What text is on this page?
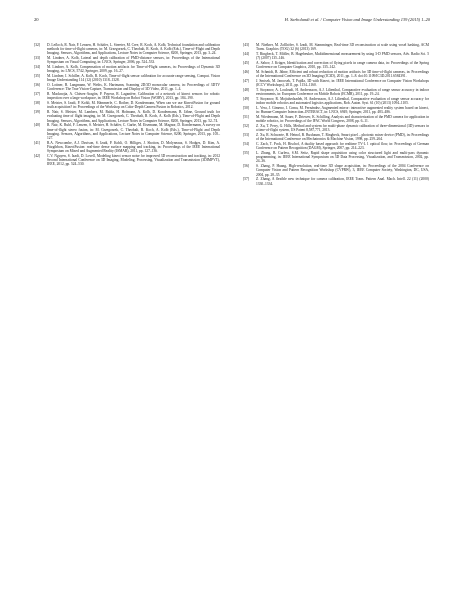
20	H. Sarbolandi et al. / Computer Vision and Image Understanding 139 (2015) 1–20
[32] D. Lefloch, R. Nair, F. Lenzen, H. Schäfer, L. Streeter, M. Cree, R. Koch, A. Kolb, Technical foundation and calibration methods for time-of-flight cameras, in: M. Grzegorzek, C. Theobalt, R. Koch, A. Kolb (Eds.), Time-of-Flight and Depth Imaging. Sensors, Algorithms, and Applications, Lecture Notes in Computer Science, 8200, Springer, 2013, pp. 3–24.
[33] M. Lindner, A. Kolb, Lateral and depth calibration of PMD-distance sensors, in: Proceedings of the International Symposium on Visual Computing, in: LNCS, Springer, 2006, pp. 524–533.
[34] M. Lindner, A. Kolb, Compensation of motion artifacts for Time-of-Flight cameras, in: Proceedings of Dynamic 3D Imaging, in: LNCS, 5742, Springer, 2009, pp. 16–27.
[35] M. Lindner, I. Schiller, A. Kolb, R. Koch, Time-of-flight sensor calibration for accurate range sensing, Comput. Vision Image Understanding 114 (12) (2010) 1318–1328.
[36] O. Lottner, B. Langmann, W. Weihs, K. Hartmann, Scanning 2D/3D monocular camera, in: Proceedings of 3DTV Conference: The True Vision-Capture, Transmission and Display of 3D Video, 2011, pp. 1–4.
[37] R. Macknojia, A. Chávez-Aragón, P. Payeur, R. Laganière, Calibration of a network of kinect sensors for robotic inspection over a large workspace, in: IEEE Workshop on Robot Vision (WORV), 2013, pp. 184–190.
[38] S. Meister, S. Izadi, P. Kohli, M. Hämmerle, C. Rother, D. Kondermann, When can we use KinectFusion for ground truth acquisition? in: Proceedings of the Workshop on Color-Depth Camera Fusion in Robotics, 2012.
[39] R. Nair, S. Meister, M. Lambers, M. Balda, H. Hofmann, A. Kolb, D. Kondermann, B. Jähne, Ground truth for evaluating time of flight imaging, in: M. Grzegorzek, C. Theobalt, R. Koch, A. Kolb (Eds.), Time-of-Flight and Depth Imaging. Sensors, Algorithms, and Applications, Lecture Notes in Computer Science, 8200, Springer, 2013, pp. 52–74.
[40] R. Nair, K. Ruhl, F. Lenzen, S. Meister, H. Schäfer, C. Garbe, M. Eisemann, M. Magnor, D. Kondermann, A survey on time-of-flight stereo fusion, in: M. Grzegorzek, C. Theobalt, R. Koch, A. Kolb (Eds.), Time-of-Flight and Depth Imaging. Sensors, Algorithms, and Applications, Lecture Notes in Computer Science, 8200, Springer, 2013, pp. 105–127.
[41] R.A. Newcombe, A.J. Davison, S. Izadi, P. Kohli, O. Hilliges, J. Shotton, D. Molyneaux, S. Hodges, D. Kim, A. Fitzgibbon, KinectFusion: real-time dense surface mapping and tracking, in: Proceedings of the IEEE International Symposium on Mixed and Augmented Reality (ISMAR), 2011, pp. 127–136.
[42] C.V. Nguyen, S. Izadi, D. Lovell, Modeling kinect sensor noise for improved 3D reconstruction and tracking, in: 2012 Second International Conference on 3D Imaging, Modeling, Processing, Visualization and Transmission (3DIMPVT), IEEE, 2012, pp. 524–530.
[43] M. Nießner, M. Zollhöfer, S. Izadi, M. Stamminger, Real-time 3D reconstruction at scale using voxel hashing, ACM Trans. Graphics (TOG) 32 (6) (2013) 169.
[44] T. Ringbeck, T. Möller, B. Hagebeuker, Multidimensional measurement by using 3-D PMD sensors, Adv. Radio Sci. 5 (7) (2007) 135–146.
[45] A. Sabov, J. Krüger, Identification and correction of flying pixels in range camera data, in: Proceedings of the Spring Conference on Computer Graphics, 2010, pp. 135–142.
[46] M. Schmidt, B. Jähne, Efficient and robust reduction of motion artifacts for 3D time-of-flight cameras, in: Proceedings of the International Conference on 3D Imaging (IC3D), 2011, pp. 1–8. doi:10.1109/IC3D.2011.6584391.
[47] J. Smisek, M. Jancosek, T. Pajdla, 3D with Kinect, in: IEEE International Conference on Computer Vision Workshops (ICCV Workshops), 2011, pp. 1154–1160.
[48] T. Stoyanov, A. Louloudi, H. Andreasson, A.J. Lilienthal, Comparative evaluation of range sensor accuracy in indoor environments, in: European Conference on Mobile Robots (ECMR), 2011, pp. 19–24.
[49] T. Stoyanov, R. Mojtahedzadeh, H. Andreasson, A.J. Lilienthal, Comparative evaluation of range sensor accuracy for indoor mobile robotics and automated logistics applications, Rob. Auton. Syst. 61 (10) (2013) 1094–1105.
[50] L. Vera, J. Gimeno, I. Coma, M. Fernández, Augmented mirror: interactive augmented reality system based on kinect, in: Human-Computer Interaction–INTERACT, in: LNCS, 6949, Springer, 2011, pp. 483–486.
[51] M. Wiedemann, M. Sauer, F. Driewer, K. Schilling, Analysis and characterization of the PMD camera for application in mobile robotics, in: Proceedings of the IFAC World Congress, 2008, pp. 6–11.
[52] Z. Xu, T. Perry, G. Hills, Method and system for multi-phase dynamic calibration of three-dimensional (3D) sensors in a time-of-flight system, US Patent 8,587,771, 2013.
[53] Z. Xu, R. Schwarte, H. Heinol, B. Buxbaum, T. Ringbeck, Smart pixel – photonic mixer device (PMD), in: Proceedings of the International Conference on Mechatronics & Machine Vision, 1998, pp. 259–264.
[54] C. Zach, T. Pock, H. Bischof, A duality based approach for realtime TV-L 1 optical flow, in: Proceedings of German Conference on Pattern Recognition (DAGM), Springer, 2007, pp. 214–223.
[55] L. Zhang, B. Curless, S.M. Seitz, Rapid shape acquisition using color structured light and multi-pass dynamic programming, in: IEEE International Symposium on 3D Data Processing, Visualization, and Transmission, 2002, pp. 24–36.
[56] S. Zhang, P. Huang, High-resolution, real-time 3D shape acquisition, in: Proceedings of the 2004 Conference on Computer Vision and Pattern Recognition Workshop (CVPRW), 3, IEEE Computer Society, Washington, DC, USA, 2004, pp. 28–35.
[57] Z. Zhang, A flexible new technique for camera calibration, IEEE Trans. Pattern Anal. Mach. Intell. 22 (11) (2000) 1330–1334.
